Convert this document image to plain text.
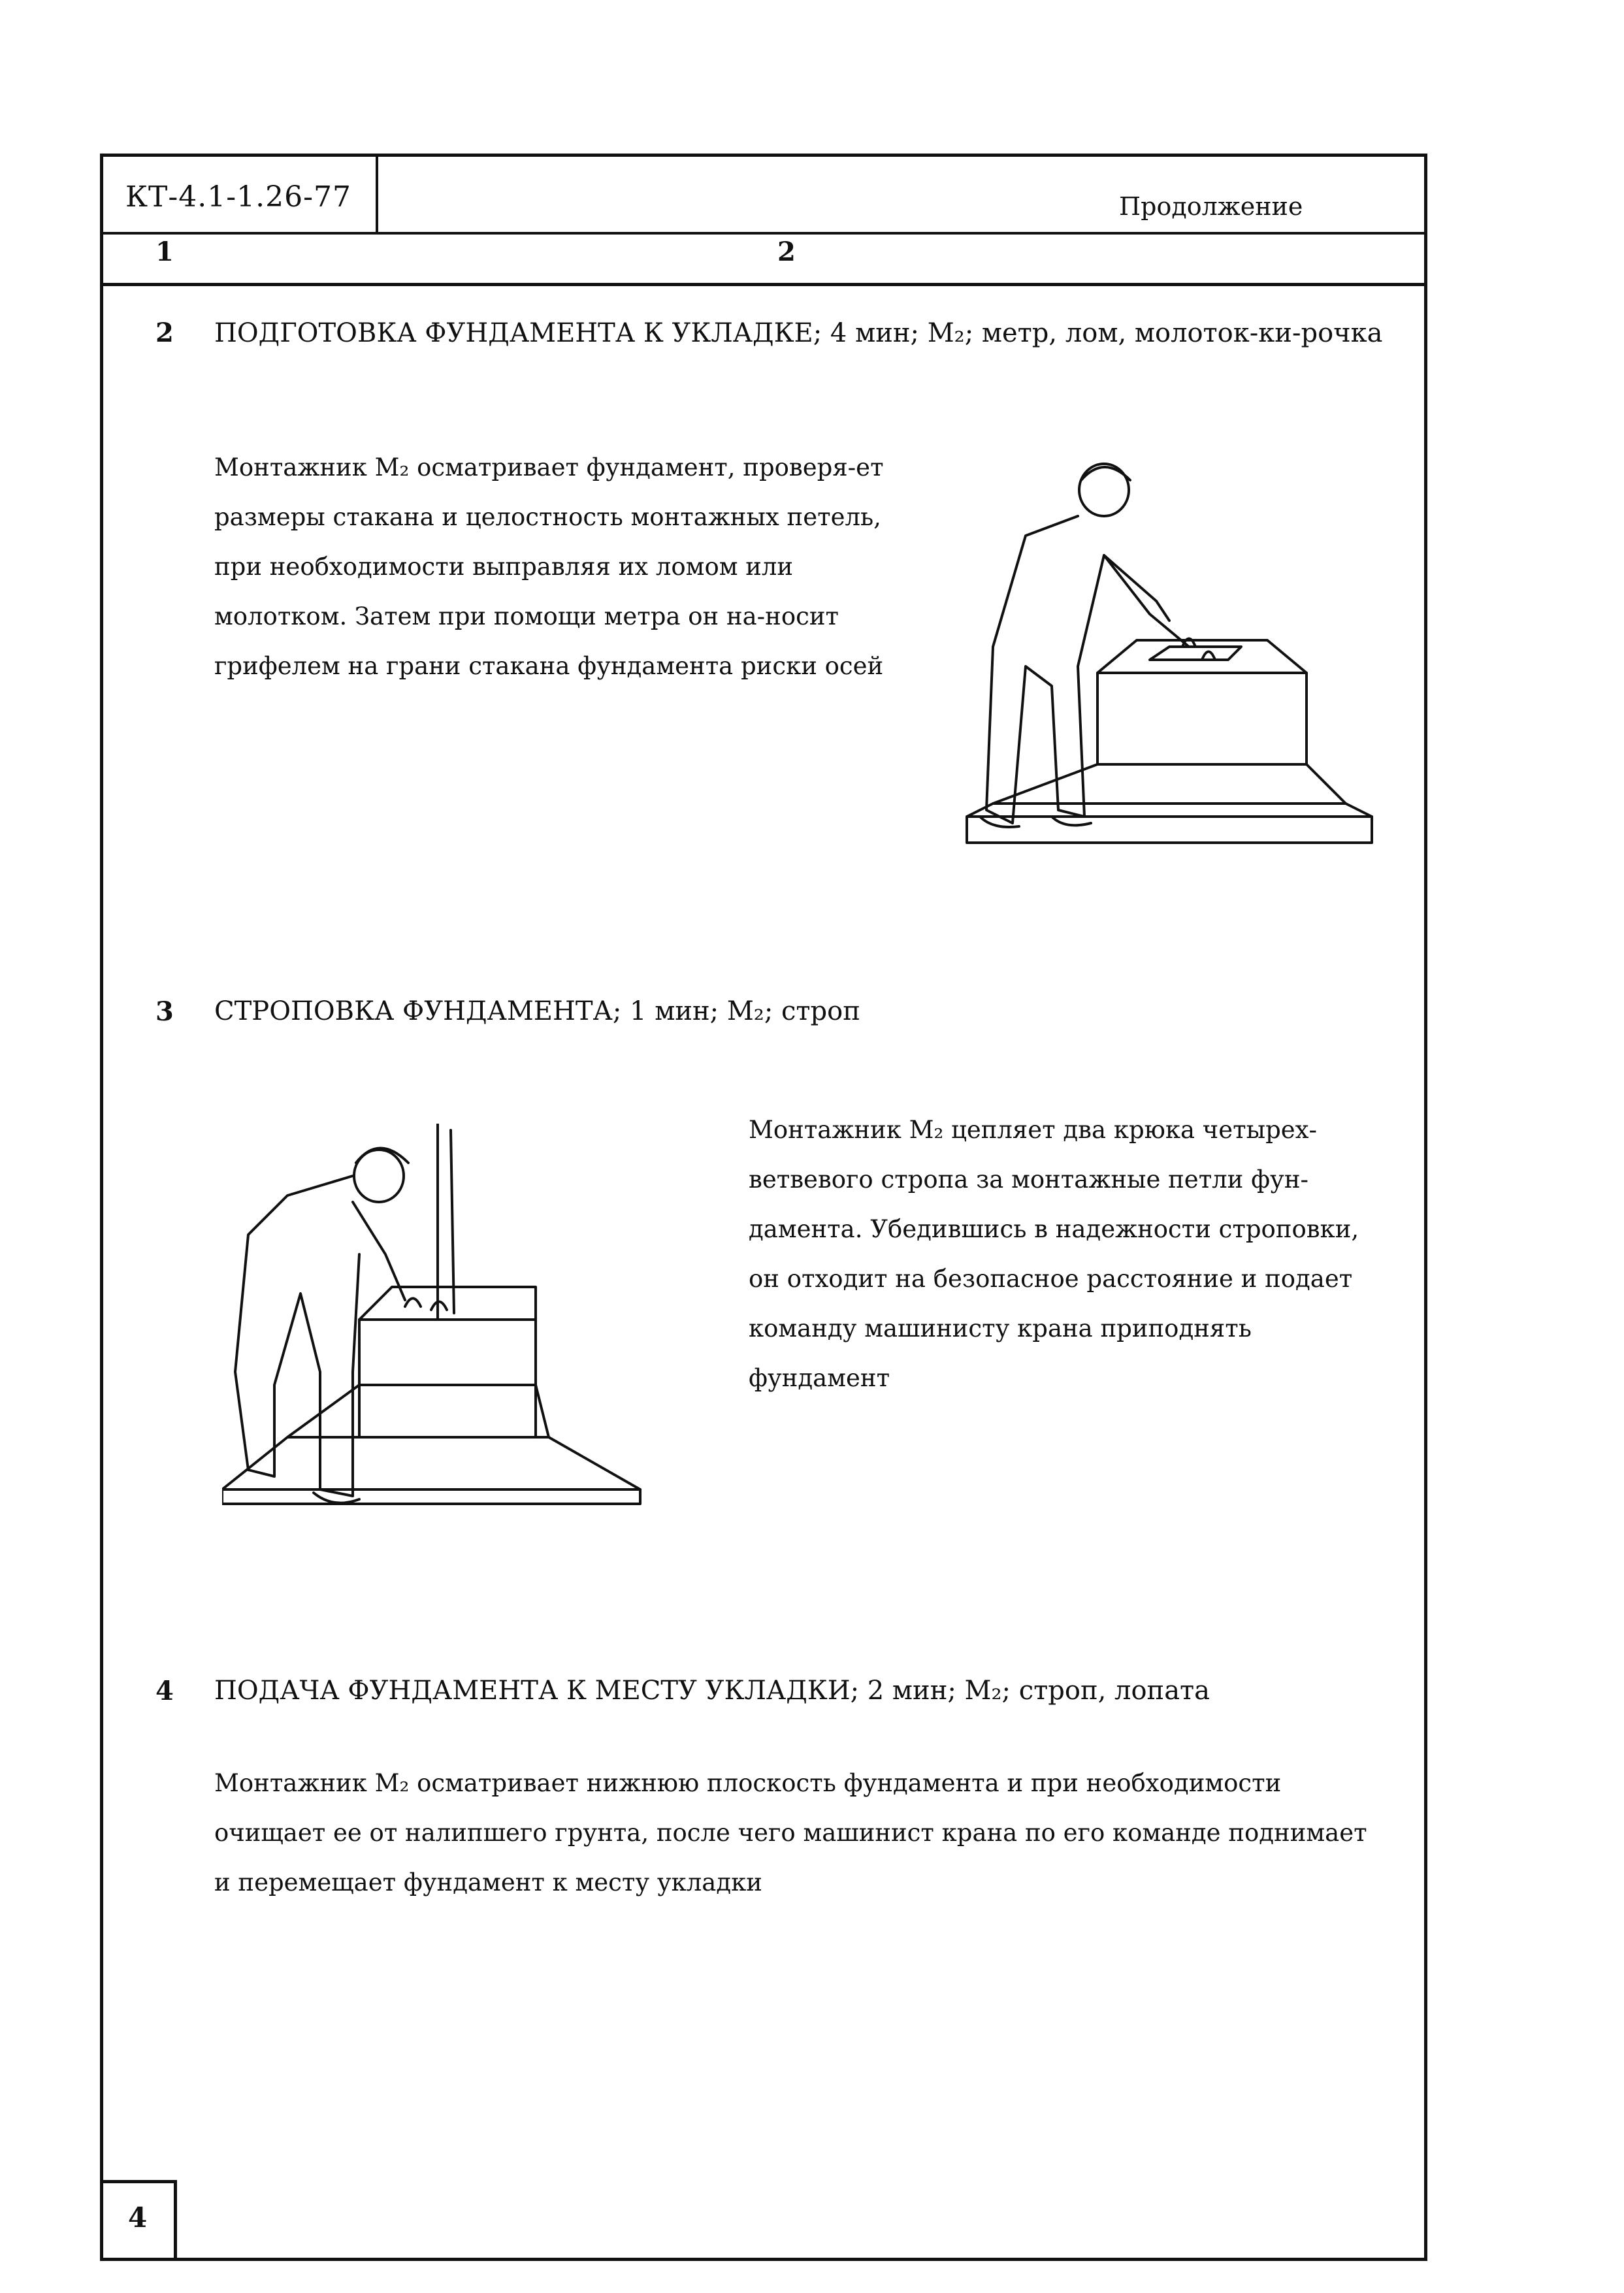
КТ-4.1-1.26-77	Продолжение
1	2
2 ПОДГОТОВКА ФУНДАМЕНТА К УКЛАДКЕ; 4 мин; М₂; метр, лом, молоток-ки-рочка
Монтажник М₂ осматривает фундамент, проверя-ет размеры стакана и целостность монтажных петель, при необходимости выправляя их ломом или молотком. Затем при помощи метра он на-носит грифелем на грани стакана фундамента риски осей
3 СТРОПОВКА ФУНДАМЕНТА; 1 мин; М₂; строп
Монтажник М₂ цепляет два крюка четырех-ветвевого стропа за монтажные петли фун-дамента. Убедившись в надежности строповки, он отходит на безопасное расстояние и подает команду машинисту крана приподнять фундамент
4 ПОДАЧА ФУНДАМЕНТА К МЕСТУ УКЛАДКИ; 2 мин; М₂; строп, лопата
Монтажник М₂ осматривает нижнюю плоскость фундамента и при необходимости очищает ее от налипшего грунта, после чего машинист крана по его команде поднимает и перемещает фундамент к месту укладки
4
